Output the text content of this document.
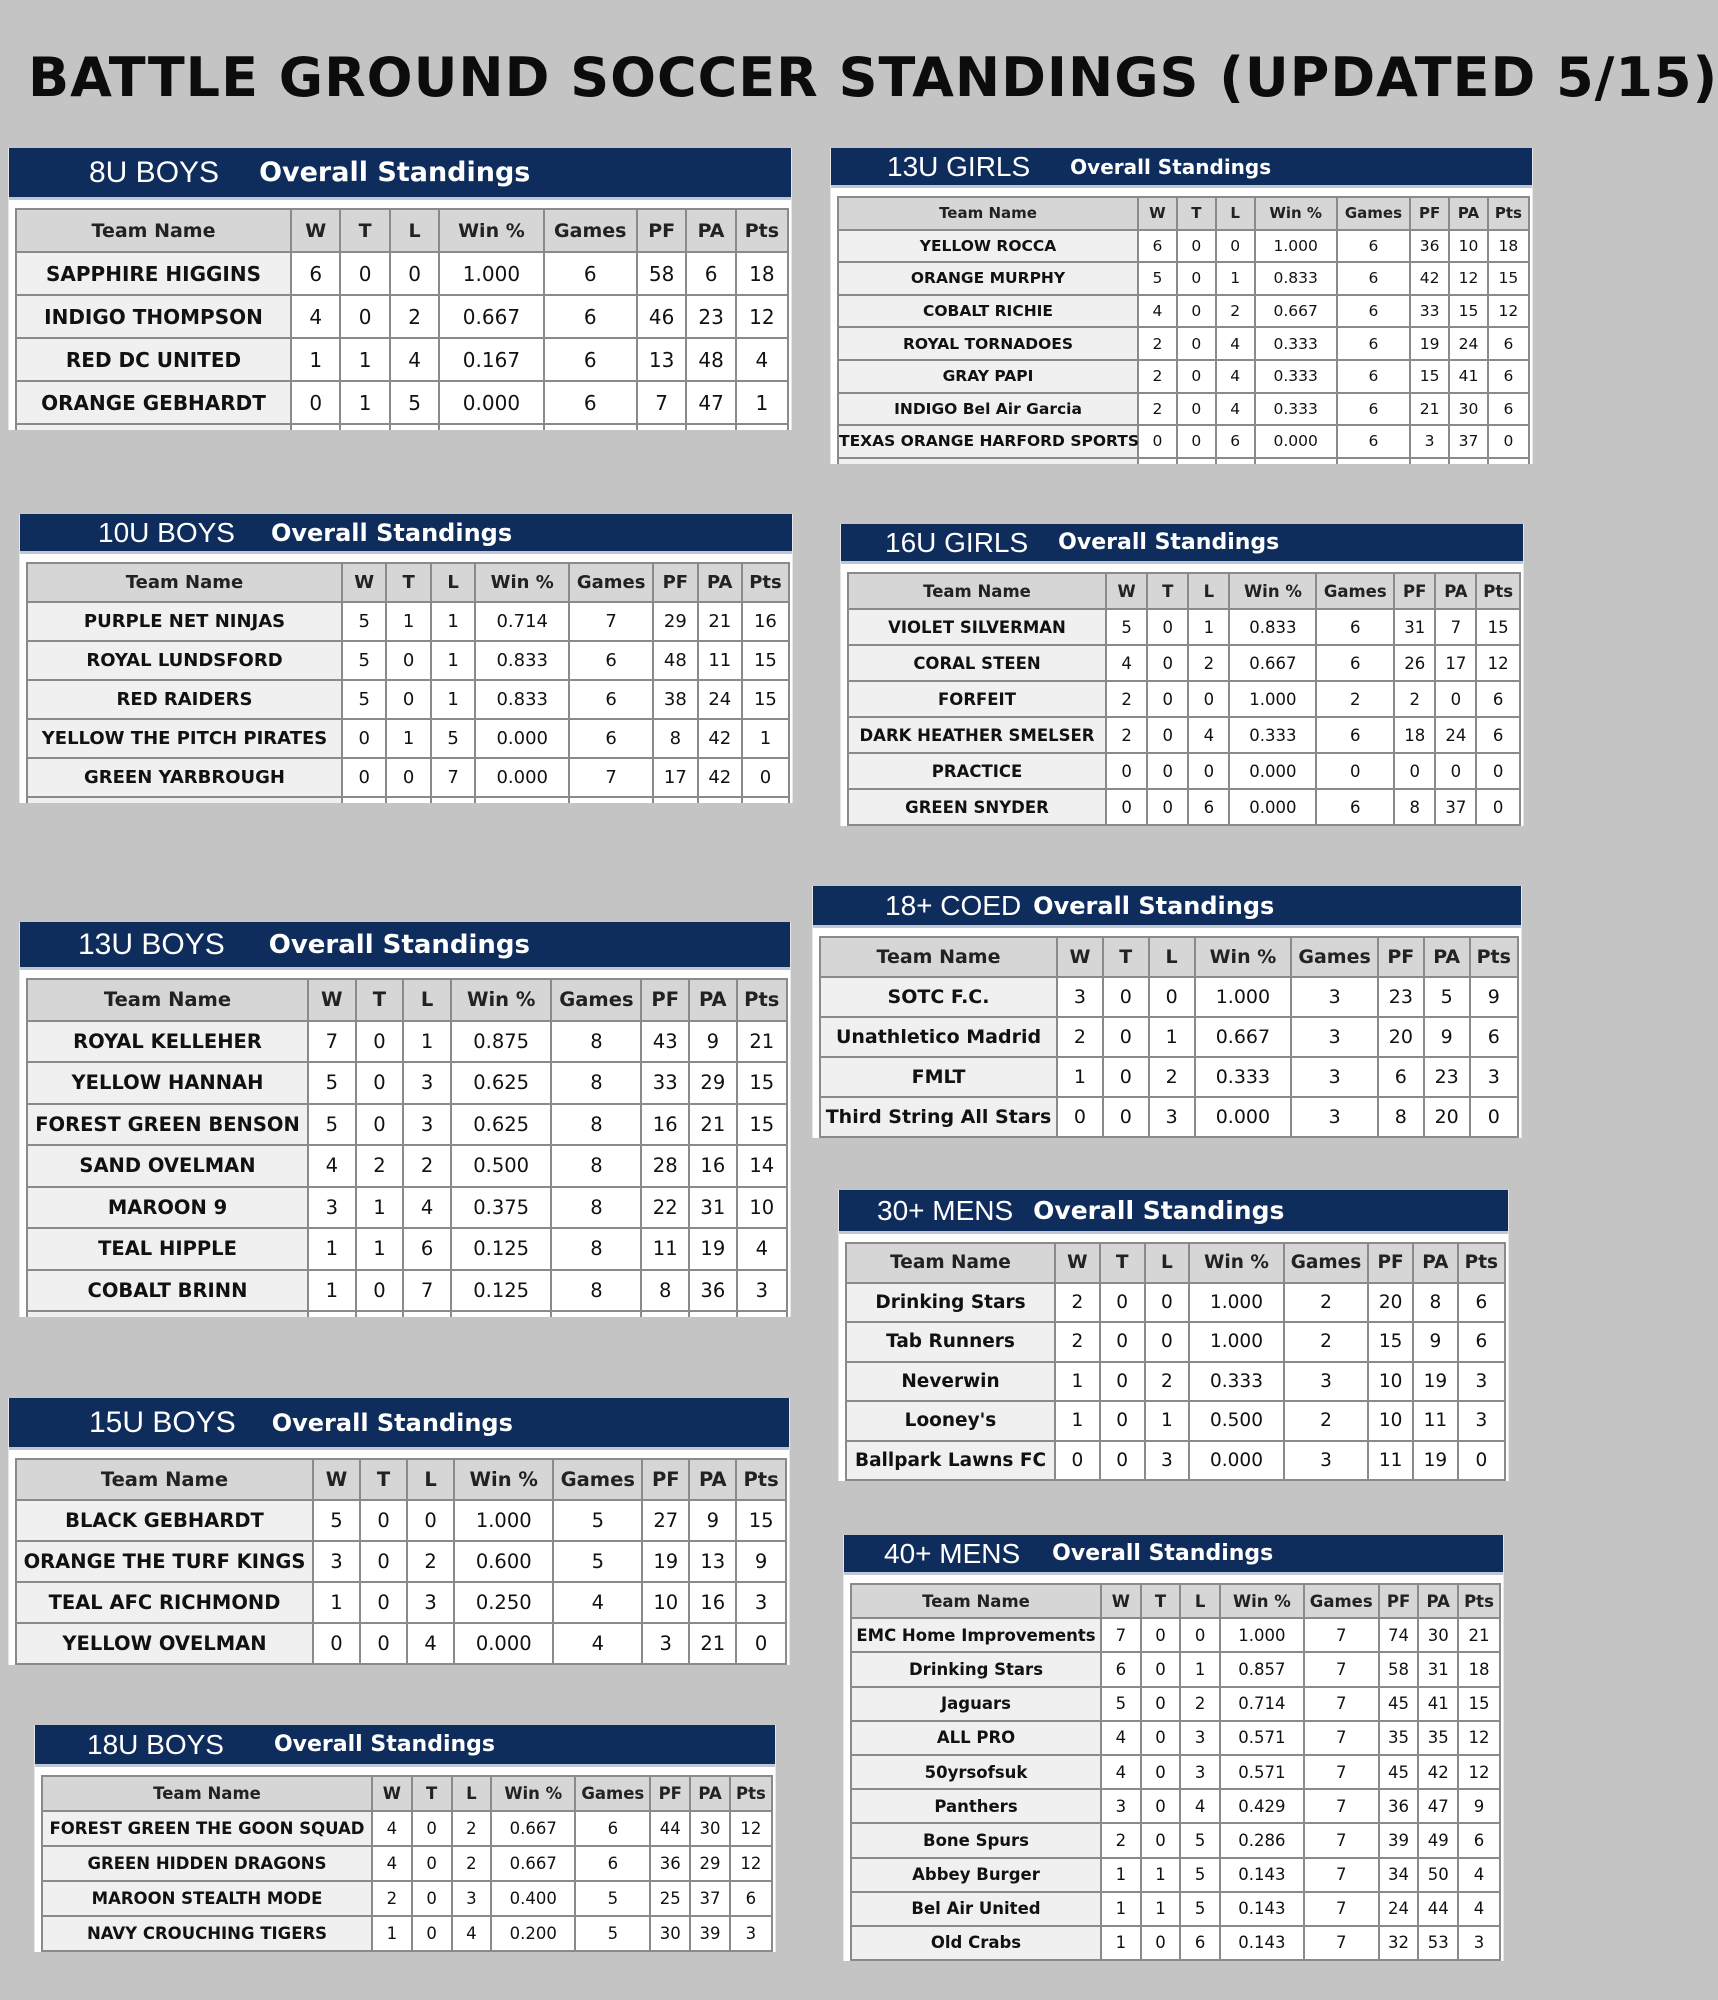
BATTLE GROUND SOCCER STANDINGS (UPDATED 5/15)
8U BOYS Overall Standings
Team Name	W	T	L	Win %	Games	PF	PA	Pts
SAPPHIRE HIGGINS	6	0	0	1.000	6	58	6	18
INDIGO THOMPSON	4	0	2	0.667	6	46	23	12
RED DC UNITED	1	1	4	0.167	6	13	48	4
ORANGE GEBHARDT	0	1	5	0.000	6	7	47	1

13U GIRLS Overall Standings
Team Name	W	T	L	Win %	Games	PF	PA	Pts
YELLOW ROCCA	6	0	0	1.000	6	36	10	18
ORANGE MURPHY	5	0	1	0.833	6	42	12	15
COBALT RICHIE	4	0	2	0.667	6	33	15	12
ROYAL TORNADOES	2	0	4	0.333	6	19	24	6
GRAY PAPI	2	0	4	0.333	6	15	41	6
INDIGO Bel Air Garcia	2	0	4	0.333	6	21	30	6
TEXAS ORANGE HARFORD SPORTS	0	0	6	0.000	6	3	37	0

10U BOYS Overall Standings
Team Name	W	T	L	Win %	Games	PF	PA	Pts
PURPLE NET NINJAS	5	1	1	0.714	7	29	21	16
ROYAL LUNDSFORD	5	0	1	0.833	6	48	11	15
RED RAIDERS	5	0	1	0.833	6	38	24	15
YELLOW THE PITCH PIRATES	0	1	5	0.000	6	8	42	1
GREEN YARBROUGH	0	0	7	0.000	7	17	42	0

16U GIRLS Overall Standings
Team Name	W	T	L	Win %	Games	PF	PA	Pts
VIOLET SILVERMAN	5	0	1	0.833	6	31	7	15
CORAL STEEN	4	0	2	0.667	6	26	17	12
FORFEIT	2	0	0	1.000	2	2	0	6
DARK HEATHER SMELSER	2	0	4	0.333	6	18	24	6
PRACTICE	0	0	0	0.000	0	0	0	0
GREEN SNYDER	0	0	6	0.000	6	8	37	0
18+ COED Overall Standings
Team Name	W	T	L	Win %	Games	PF	PA	Pts
SOTC F.C.	3	0	0	1.000	3	23	5	9
Unathletico Madrid	2	0	1	0.667	3	20	9	6
FMLT	1	0	2	0.333	3	6	23	3
Third String All Stars	0	0	3	0.000	3	8	20	0
13U BOYS Overall Standings
Team Name	W	T	L	Win %	Games	PF	PA	Pts
ROYAL KELLEHER	7	0	1	0.875	8	43	9	21
YELLOW HANNAH	5	0	3	0.625	8	33	29	15
FOREST GREEN BENSON	5	0	3	0.625	8	16	21	15
SAND OVELMAN	4	2	2	0.500	8	28	16	14
MAROON 9	3	1	4	0.375	8	22	31	10
TEAL HIPPLE	1	1	6	0.125	8	11	19	4
COBALT BRINN	1	0	7	0.125	8	8	36	3

30+ MENS Overall Standings
Team Name	W	T	L	Win %	Games	PF	PA	Pts
Drinking Stars	2	0	0	1.000	2	20	8	6
Tab Runners	2	0	0	1.000	2	15	9	6
Neverwin	1	0	2	0.333	3	10	19	3
Looney's	1	0	1	0.500	2	10	11	3
Ballpark Lawns FC	0	0	3	0.000	3	11	19	0
15U BOYS Overall Standings
Team Name	W	T	L	Win %	Games	PF	PA	Pts
BLACK GEBHARDT	5	0	0	1.000	5	27	9	15
ORANGE THE TURF KINGS	3	0	2	0.600	5	19	13	9
TEAL AFC RICHMOND	1	0	3	0.250	4	10	16	3
YELLOW OVELMAN	0	0	4	0.000	4	3	21	0
40+ MENS Overall Standings
Team Name	W	T	L	Win %	Games	PF	PA	Pts
EMC Home Improvements	7	0	0	1.000	7	74	30	21
Drinking Stars	6	0	1	0.857	7	58	31	18
Jaguars	5	0	2	0.714	7	45	41	15
ALL PRO	4	0	3	0.571	7	35	35	12
50yrsofsuk	4	0	3	0.571	7	45	42	12
Panthers	3	0	4	0.429	7	36	47	9
Bone Spurs	2	0	5	0.286	7	39	49	6
Abbey Burger	1	1	5	0.143	7	34	50	4
Bel Air United	1	1	5	0.143	7	24	44	4
Old Crabs	1	0	6	0.143	7	32	53	3
18U BOYS Overall Standings
Team Name	W	T	L	Win %	Games	PF	PA	Pts
FOREST GREEN THE GOON SQUAD	4	0	2	0.667	6	44	30	12
GREEN HIDDEN DRAGONS	4	0	2	0.667	6	36	29	12
MAROON STEALTH MODE	2	0	3	0.400	5	25	37	6
NAVY CROUCHING TIGERS	1	0	4	0.200	5	30	39	3
